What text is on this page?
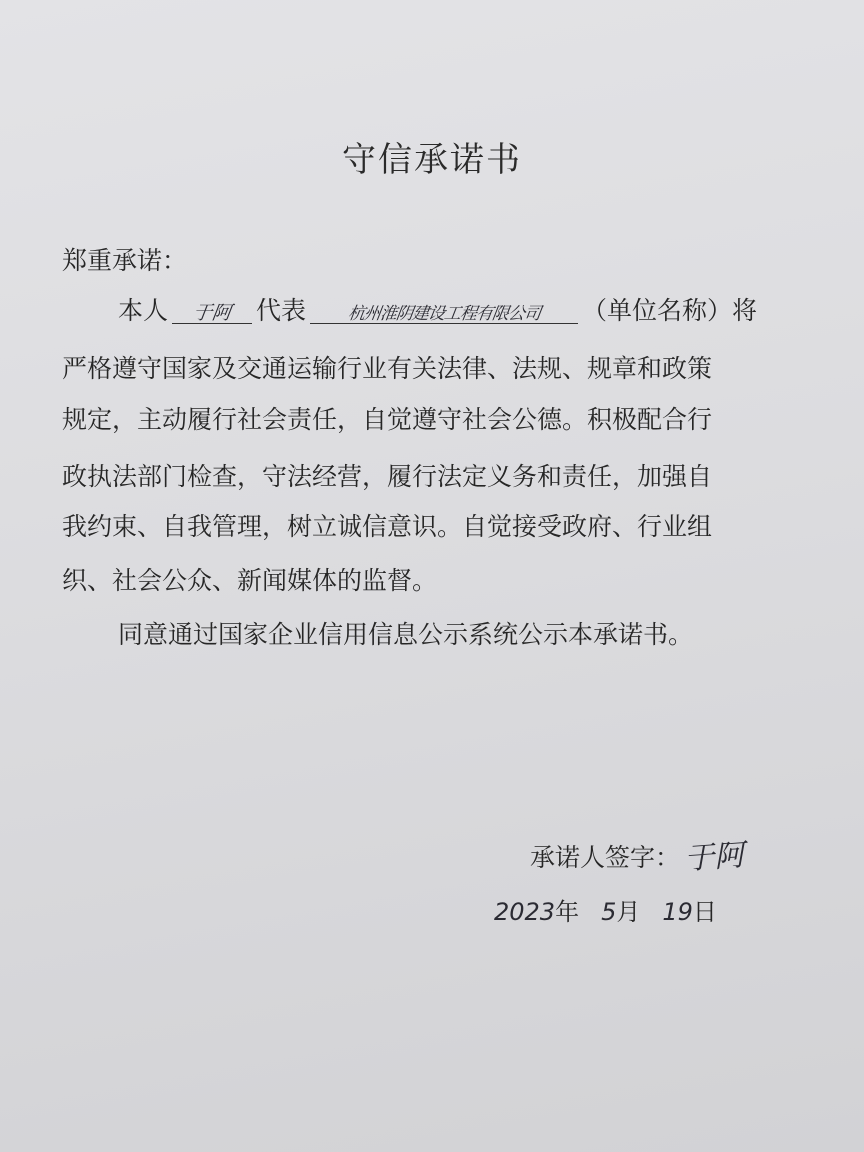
守信承诺书
郑重承诺：
本人 于阿 代表 杭州淮阴建设工程有限公司 （单位名称）将
严格遵守国家及交通运输行业有关法律、法规、规章和政策
规定，主动履行社会责任，自觉遵守社会公德。积极配合行
政执法部门检查，守法经营，履行法定义务和责任，加强自
我约束、自我管理，树立诚信意识。自觉接受政府、行业组
织、社会公众、新闻媒体的监督。
同意通过国家企业信用信息公示系统公示本承诺书。
承诺人签字： 于阿
2023年 5月 19日
